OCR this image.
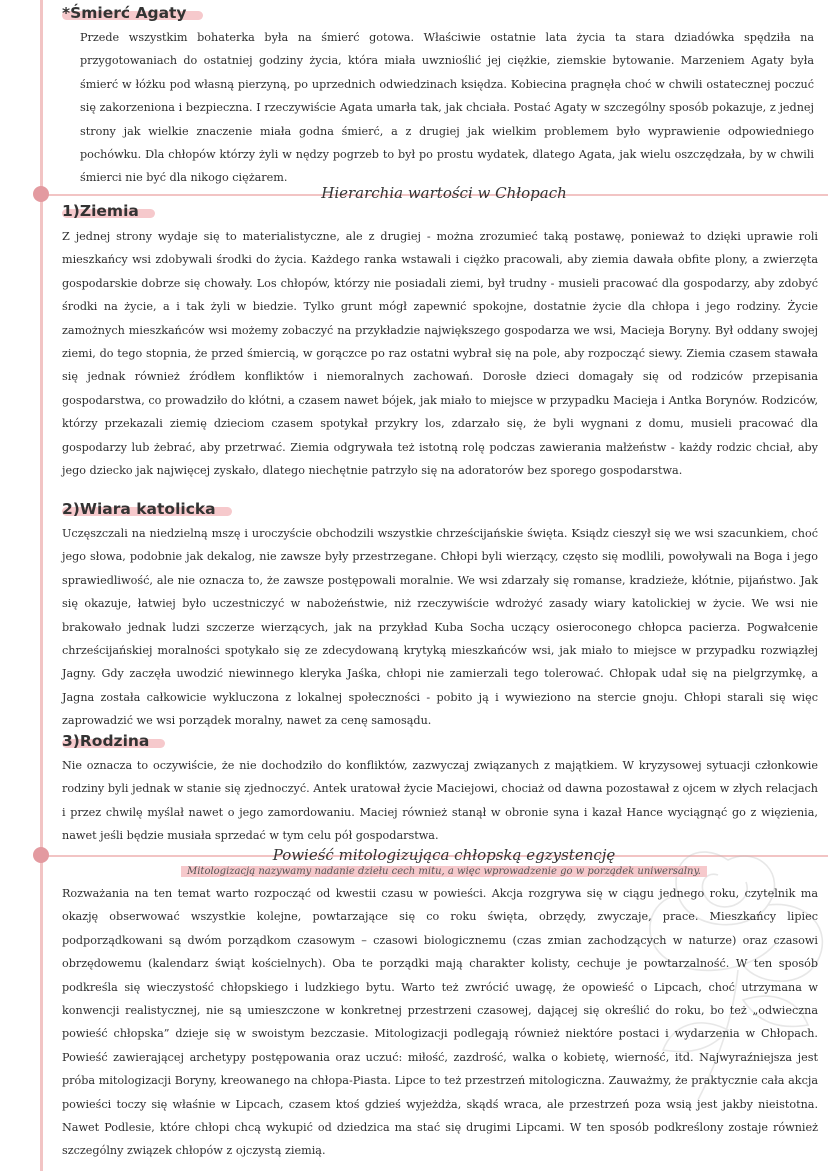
*Śmierć Agaty
Przede wszystkim bohaterka była na śmierć gotowa. Właściwie ostatnie lata życia ta stara dziadówka spędziła na przygotowaniach do ostatniej godziny życia, która miała uwznioślić jej ciężkie, ziemskie bytowanie. Marzeniem Agaty była śmierć w łóżku pod własną pierzyną, po uprzednich odwiedzinach księdza. Kobiecina pragnęła choć w chwili ostatecznej poczuć się zakorzeniona i bezpieczna. I rzeczywiście Agata umarła tak, jak chciała. Postać Agaty w szczególny sposób pokazuje, z jednej strony jak wielkie znaczenie miała godna śmierć, a z drugiej jak wielkim problemem było wyprawienie odpowiedniego pochówku. Dla chłopów którzy żyli w nędzy pogrzeb to był po prostu wydatek, dlatego Agata, jak wielu oszczędzała, by w chwili śmierci nie być dla nikogo ciężarem.
Hierarchia wartości w Chłopach
1)Ziemia
Z jednej strony wydaje się to materialistyczne, ale z drugiej - można zrozumieć taką postawę, ponieważ to dzięki uprawie roli mieszkańcy wsi zdobywali środki do życia. Każdego ranka wstawali i ciężko pracowali, aby ziemia dawała obfite plony, a zwierzęta gospodarskie dobrze się chowały. Los chłopów, którzy nie posiadali ziemi, był trudny - musieli pracować dla gospodarzy, aby zdobyć środki na życie, a i tak żyli w biedzie. Tylko grunt mógł zapewnić spokojne, dostatnie życie dla chłopa i jego rodziny. Życie zamożnych mieszkańców wsi możemy zobaczyć na przykładzie największego gospodarza we wsi, Macieja Boryny. Był oddany swojej ziemi, do tego stopnia, że przed śmiercią, w gorączce po raz ostatni wybrał się na pole, aby rozpocząć siewy. Ziemia czasem stawała się jednak również źródłem konfliktów i niemoralnych zachowań. Dorosłe dzieci domagały się od rodziców przepisania gospodarstwa, co prowadziło do kłótni, a czasem nawet bójek, jak miało to miejsce w przypadku Macieja i Antka Borynów. Rodziców, którzy przekazali ziemię dzieciom czasem spotykał przykry los, zdarzało się, że byli wygnani z domu, musieli pracować dla gospodarzy lub żebrać, aby przetrwać. Ziemia odgrywała też istotną rolę podczas zawierania małżeństw - każdy rodzic chciał, aby jego dziecko jak najwięcej zyskało, dlatego niechętnie patrzyło się na adoratorów bez sporego gospodarstwa.
2)Wiara katolicka
Uczęszczali na niedzielną mszę i uroczyście obchodzili wszystkie chrześcijańskie święta. Ksiądz cieszył się we wsi szacunkiem, choć jego słowa, podobnie jak dekalog, nie zawsze były przestrzegane. Chłopi byli wierzący, często się modlili, powoływali na Boga i jego sprawiedliwość, ale nie oznacza to, że zawsze postępowali moralnie. We wsi zdarzały się romanse, kradzieże, kłótnie, pijaństwo. Jak się okazuje, łatwiej było uczestniczyć w nabożeństwie, niż rzeczywiście wdrożyć zasady wiary katolickiej w życie. We wsi nie brakowało jednak ludzi szczerze wierzących, jak na przykład Kuba Socha uczący osieroconego chłopca pacierza. Pogwałcenie chrześcijańskiej moralności spotykało się ze zdecydowaną krytyką mieszkańców wsi, jak miało to miejsce w przypadku rozwiązłej Jagny. Gdy zaczęła uwodzić niewinnego kleryka Jaśka, chłopi nie zamierzali tego tolerować. Chłopak udał się na pielgrzymkę, a Jagna została całkowicie wykluczona z lokalnej społeczności - pobito ją i wywieziono na stercie gnoju. Chłopi starali się więc zaprowadzić we wsi porządek moralny, nawet za cenę samosądu.
3)Rodzina
Nie oznacza to oczywiście, że nie dochodziło do konfliktów, zazwyczaj związanych z majątkiem. W kryzysowej sytuacji członkowie rodziny byli jednak w stanie się zjednoczyć. Antek uratował życie Maciejowi, chociaż od dawna pozostawał z ojcem w złych relacjach i przez chwilę myślał nawet o jego zamordowaniu. Maciej również stanął w obronie syna i kazał Hance wyciągnąć go z więzienia, nawet jeśli będzie musiała sprzedać w tym celu pół gospodarstwa.
Powieść mitologizująca chłopską egzystencję
Mitologizacją nazywamy nadanie dziełu cech mitu, a więc wprowadzenie go w porządek uniwersalny.
Rozważania na ten temat warto rozpocząć od kwestii czasu w powieści. Akcja rozgrywa się w ciągu jednego roku, czytelnik ma okazję obserwować wszystkie kolejne, powtarzające się co roku święta, obrzędy, zwyczaje, prace. Mieszkańcy lipiec podporządkowani są dwóm porządkom czasowym – czasowi biologicznemu (czas zmian zachodzących w naturze) oraz czasowi obrzędowemu (kalendarz świąt kościelnych). Oba te porządki mają charakter kolisty, cechuje je powtarzalność. W ten sposób podkreśla się wieczystość chłopskiego i ludzkiego bytu. Warto też zwrócić uwagę, że opowieść o Lipcach, choć utrzymana w konwencji realistycznej, nie są umieszczone w konkretnej przestrzeni czasowej, dającej się określić do roku, bo też „odwieczna powieść chłopska” dzieje się w swoistym bezczasie. Mitologizacji podlegają również niektóre postaci i wydarzenia w Chłopach. Powieść zawierającej archetypy postępowania oraz uczuć: miłość, zazdrość, walka o kobietę, wierność, itd. Najwyraźniejsza jest próba mitologizacji Boryny, kreowanego na chłopa-Piasta. Lipce to też przestrzeń mitologiczna. Zauważmy, że praktycznie cała akcja powieści toczy się właśnie w Lipcach, czasem ktoś gdzieś wyjeżdża, skądś wraca, ale przestrzeń poza wsią jest jakby nieistotna. Nawet Podlesie, które chłopi chcą wykupić od dziedzica ma stać się drugimi Lipcami. W ten sposób podkreślony zostaje również szczególny związek chłopów z ojczystą ziemią.
